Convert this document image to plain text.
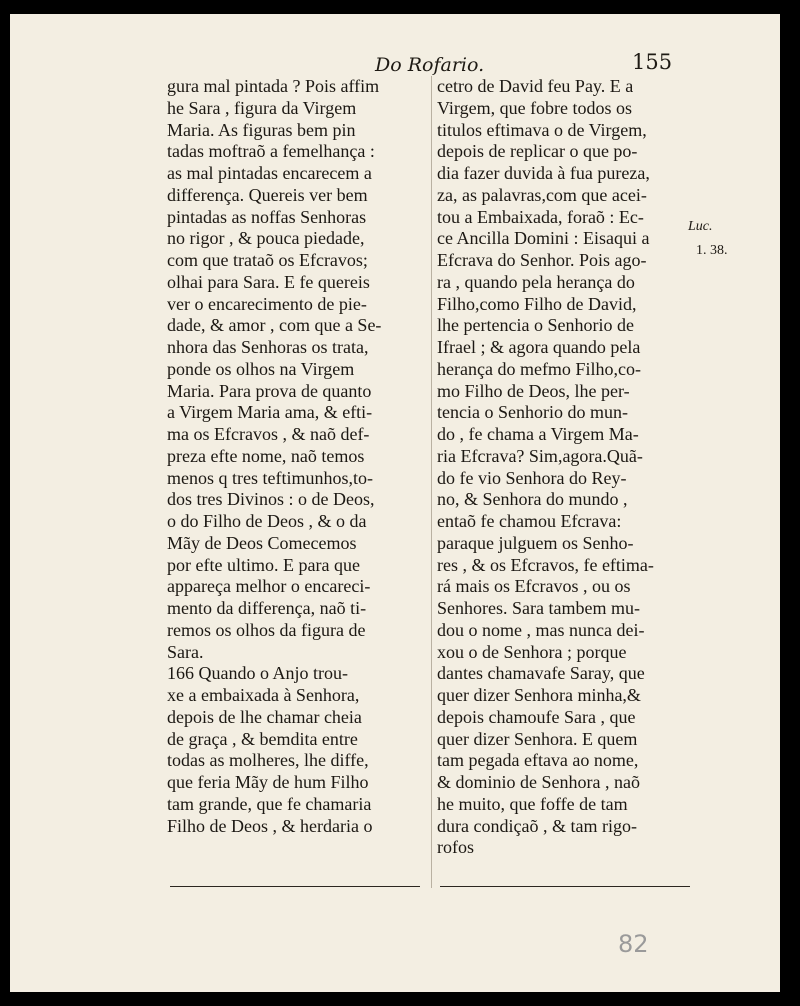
Do Rofario.	155
gura mal pintada ? Pois affim
he Sara , figura da Virgem
Maria. As figuras bem pin
tadas moftraõ a femelhança :
as mal pintadas encarecem a
differença. Quereis ver bem
pintadas as noffas Senhoras
no rigor , & pouca piedade,
com que trataõ os Efcravos;
olhai para Sara. E fe quereis
ver o encarecimento de pie-
dade, & amor , com que a Se-
nhora das Senhoras os trata,
ponde os olhos na Virgem
Maria. Para prova de quanto
a Virgem Maria ama, & efti-
ma os Efcravos , & naõ def-
preza efte nome, naõ temos
menos q tres teftimunhos,to-
dos tres Divinos : o de Deos,
o do Filho de Deos , & o da
Mãy de Deos Comecemos
por efte ultimo. E para que
appareça melhor o encareci-
mento da differença, naõ ti-
remos os olhos da figura de
Sara.
166 Quando o Anjo trou-
xe a embaixada à Senhora,
depois de lhe chamar cheia
de graça , & bemdita entre
todas as molheres, lhe diffe,
que feria Mãy de hum Filho
tam grande, que fe chamaria
Filho de Deos , & herdaria o
cetro de David feu Pay. E a
Virgem, que fobre todos os
titulos eftimava o de Virgem,
depois de replicar o que po-
dia fazer duvida à fua pureza,
za, as palavras,com que acei-
tou a Embaixada, foraõ : Ec-
ce Ancilla Domini : Eisaqui a
Efcrava do Senhor. Pois ago-
ra , quando pela herança do
Filho,como Filho de David,
lhe pertencia o Senhorio de
Ifrael ; & agora quando pela
herança do mefmo Filho,co-
mo Filho de Deos, lhe per-
tencia o Senhorio do mun-
do , fe chama a Virgem Ma-
ria Efcrava? Sim,agora.Quã-
do fe vio Senhora do Rey-
no, & Senhora do mundo ,
entaõ fe chamou Efcrava:
paraque julguem os Senho-
res , & os Efcravos, fe eftima-
rá mais os Efcravos , ou os
Senhores. Sara tambem mu-
dou o nome , mas nunca dei-
xou o de Senhora ; porque
dantes chamavafe Saray, que
quer dizer Senhora minha,&
depois chamoufe Sara , que
quer dizer Senhora. E quem
tam pegada eftava ao nome,
& dominio de Senhora , naõ
he muito, que foffe de tam
dura condiçaõ , & tam rigo-
rofos
Luc.
1. 38.
82
